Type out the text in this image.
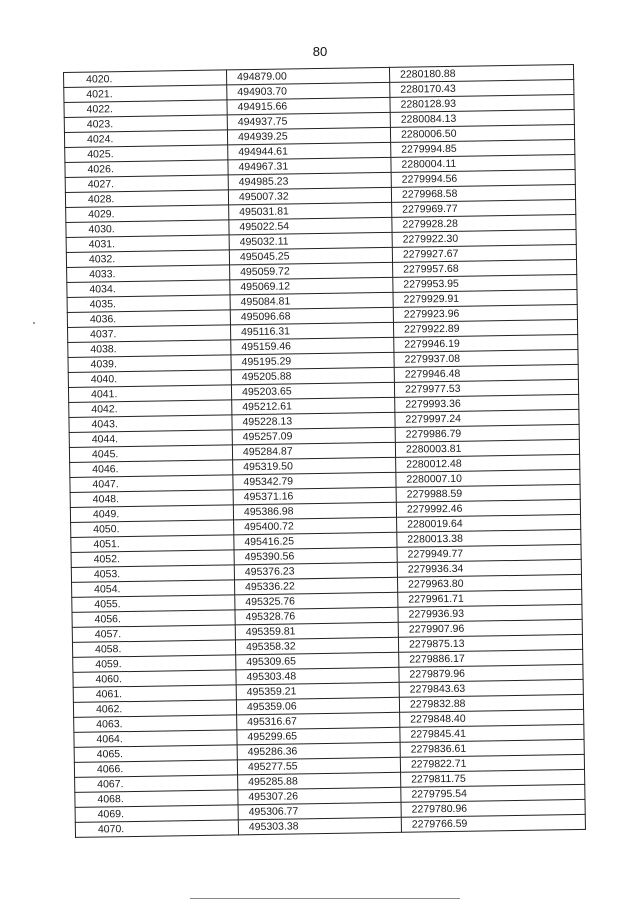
80
4020.	494879.00	2280180.88
4021.	494903.70	2280170.43
4022.	494915.66	2280128.93
4023.	494937.75	2280084.13
4024.	494939.25	2280006.50
4025.	494944.61	2279994.85
4026.	494967.31	2280004.11
4027.	494985.23	2279994.56
4028.	495007.32	2279968.58
4029.	495031.81	2279969.77
4030.	495022.54	2279928.28
4031.	495032.11	2279922.30
4032.	495045.25	2279927.67
4033.	495059.72	2279957.68
4034.	495069.12	2279953.95
4035.	495084.81	2279929.91
4036.	495096.68	2279923.96
4037.	495116.31	2279922.89
4038.	495159.46	2279946.19
4039.	495195.29	2279937.08
4040.	495205.88	2279946.48
4041.	495203.65	2279977.53
4042.	495212.61	2279993.36
4043.	495228.13	2279997.24
4044.	495257.09	2279986.79
4045.	495284.87	2280003.81
4046.	495319.50	2280012.48
4047.	495342.79	2280007.10
4048.	495371.16	2279988.59
4049.	495386.98	2279992.46
4050.	495400.72	2280019.64
4051.	495416.25	2280013.38
4052.	495390.56	2279949.77
4053.	495376.23	2279936.34
4054.	495336.22	2279963.80
4055.	495325.76	2279961.71
4056.	495328.76	2279936.93
4057.	495359.81	2279907.96
4058.	495358.32	2279875.13
4059.	495309.65	2279886.17
4060.	495303.48	2279879.96
4061.	495359.21	2279843.63
4062.	495359.06	2279832.88
4063.	495316.67	2279848.40
4064.	495299.65	2279845.41
4065.	495286.36	2279836.61
4066.	495277.55	2279822.71
4067.	495285.88	2279811.75
4068.	495307.26	2279795.54
4069.	495306.77	2279780.96
4070.	495303.38	2279766.59
